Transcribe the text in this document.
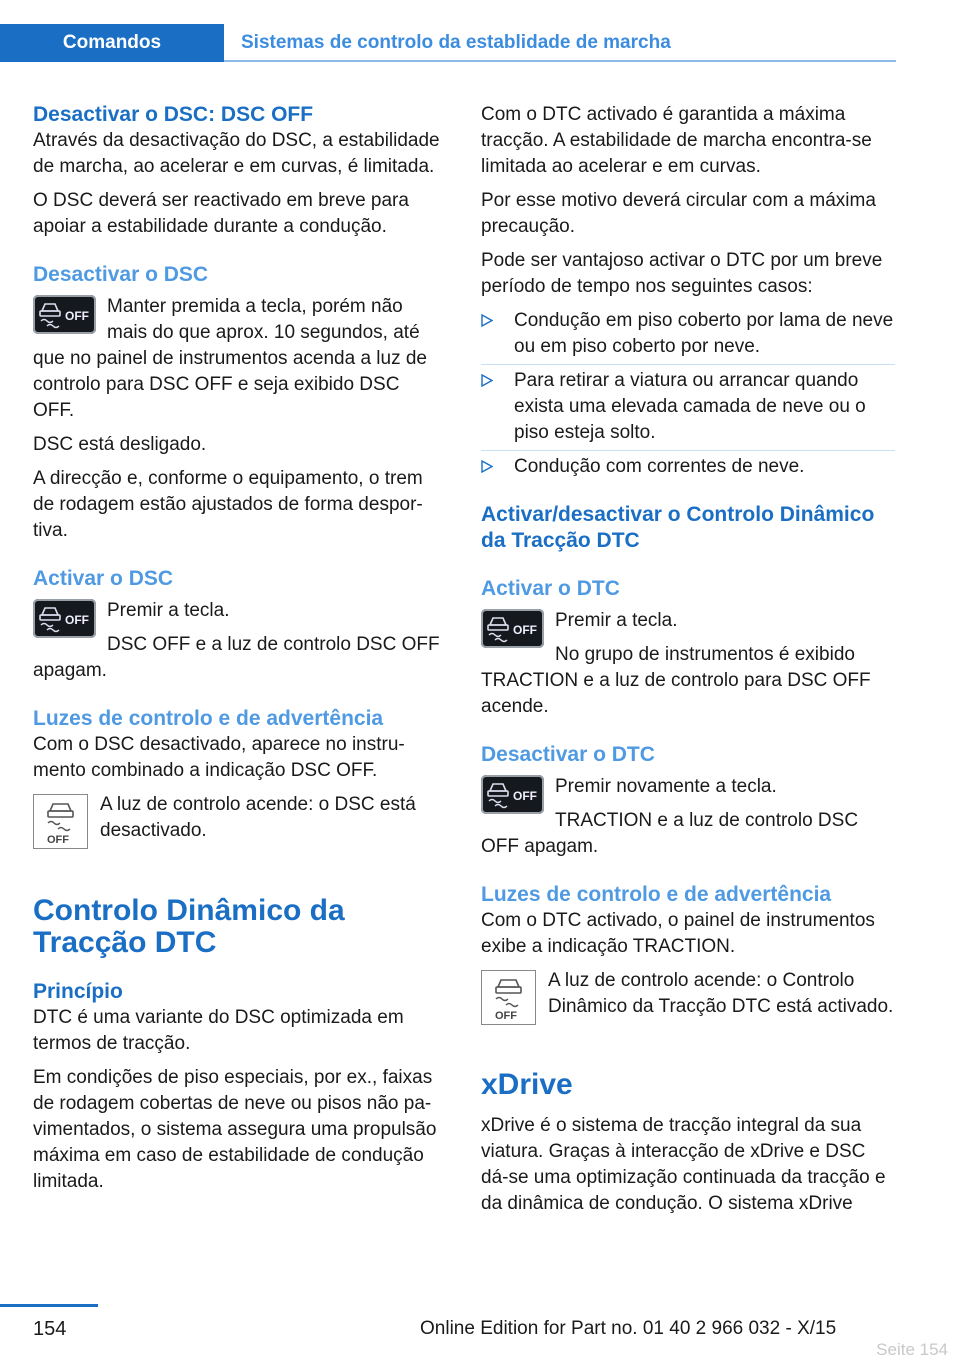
Comandos	Sistemas de controlo da establidade de marcha
Desactivar o DSC: DSC OFF

Através da desactivação do DSC, a estabilidade de marcha, ao acelerar e em curvas, é limitada.

O DSC deverá ser reactivado em breve para apoiar a estabilidade durante a condução.

Desactivar o DSC
OFF Manter premida a tecla, porém não mais do que aprox. 10 segundos, até que no painel de instrumentos acenda a luz de controlo para DSC OFF e seja exibido DSC OFF.

DSC está desligado.

A direcção e, conforme o equipamento, o trem de rodagem estão ajustados de forma desportiva.

Activar o DSC
OFF Premir a tecla.

DSC OFF e a luz de controlo DSC OFF apagam.

Luzes de controlo e de advertência

Com o DSC desactivado, aparece no instrumento combinado a indicação DSC OFF.

OFF

A luz de controlo acende: o DSC está desactivado.

Controlo Dinâmico da Tracção DTC
Princípio

DTC é uma variante do DSC optimizada em termos de tracção.

Em condições de piso especiais, por ex., faixas de rodagem cobertas de neve ou pisos não pavimentados, o sistema assegura uma propulsão máxima em caso de estabilidade de condução limitada.

Com o DTC activado é garantida a máxima tracção. A estabilidade de marcha encontra-se limitada ao acelerar e em curvas.

Por esse motivo deverá circular com a máxima precaução.

Pode ser vantajoso activar o DTC por um breve período de tempo nos seguintes casos:

Condução em piso coberto por lama de neve ou em piso coberto por neve.
Para retirar a viatura ou arrancar quando exista uma elevada camada de neve ou o piso esteja solto.
Condução com correntes de neve.
Activar/desactivar o Controlo Dinâmico da Tracção DTC
Activar o DTC
OFF Premir a tecla.

No grupo de instrumentos é exibido TRACTION e a luz de controlo para DSC OFF acende.

Desactivar o DTC
OFF Premir novamente a tecla.

TRACTION e a luz de controlo DSC OFF apagam.

Luzes de controlo e de advertência

Com o DTC activado, o painel de instrumentos exibe a indicação TRACTION.

OFF

A luz de controlo acende: o Controlo Dinâmico da Tracção DTC está activado.

xDrive

xDrive é o sistema de tracção integral da sua viatura. Graças à interacção de xDrive e DSC dá-se uma optimização continuada da tracção e da dinâmica de condução. O sistema xDrive

154	Online Edition for Part no. 01 40 2 966 032 - X/15
Seite 154
